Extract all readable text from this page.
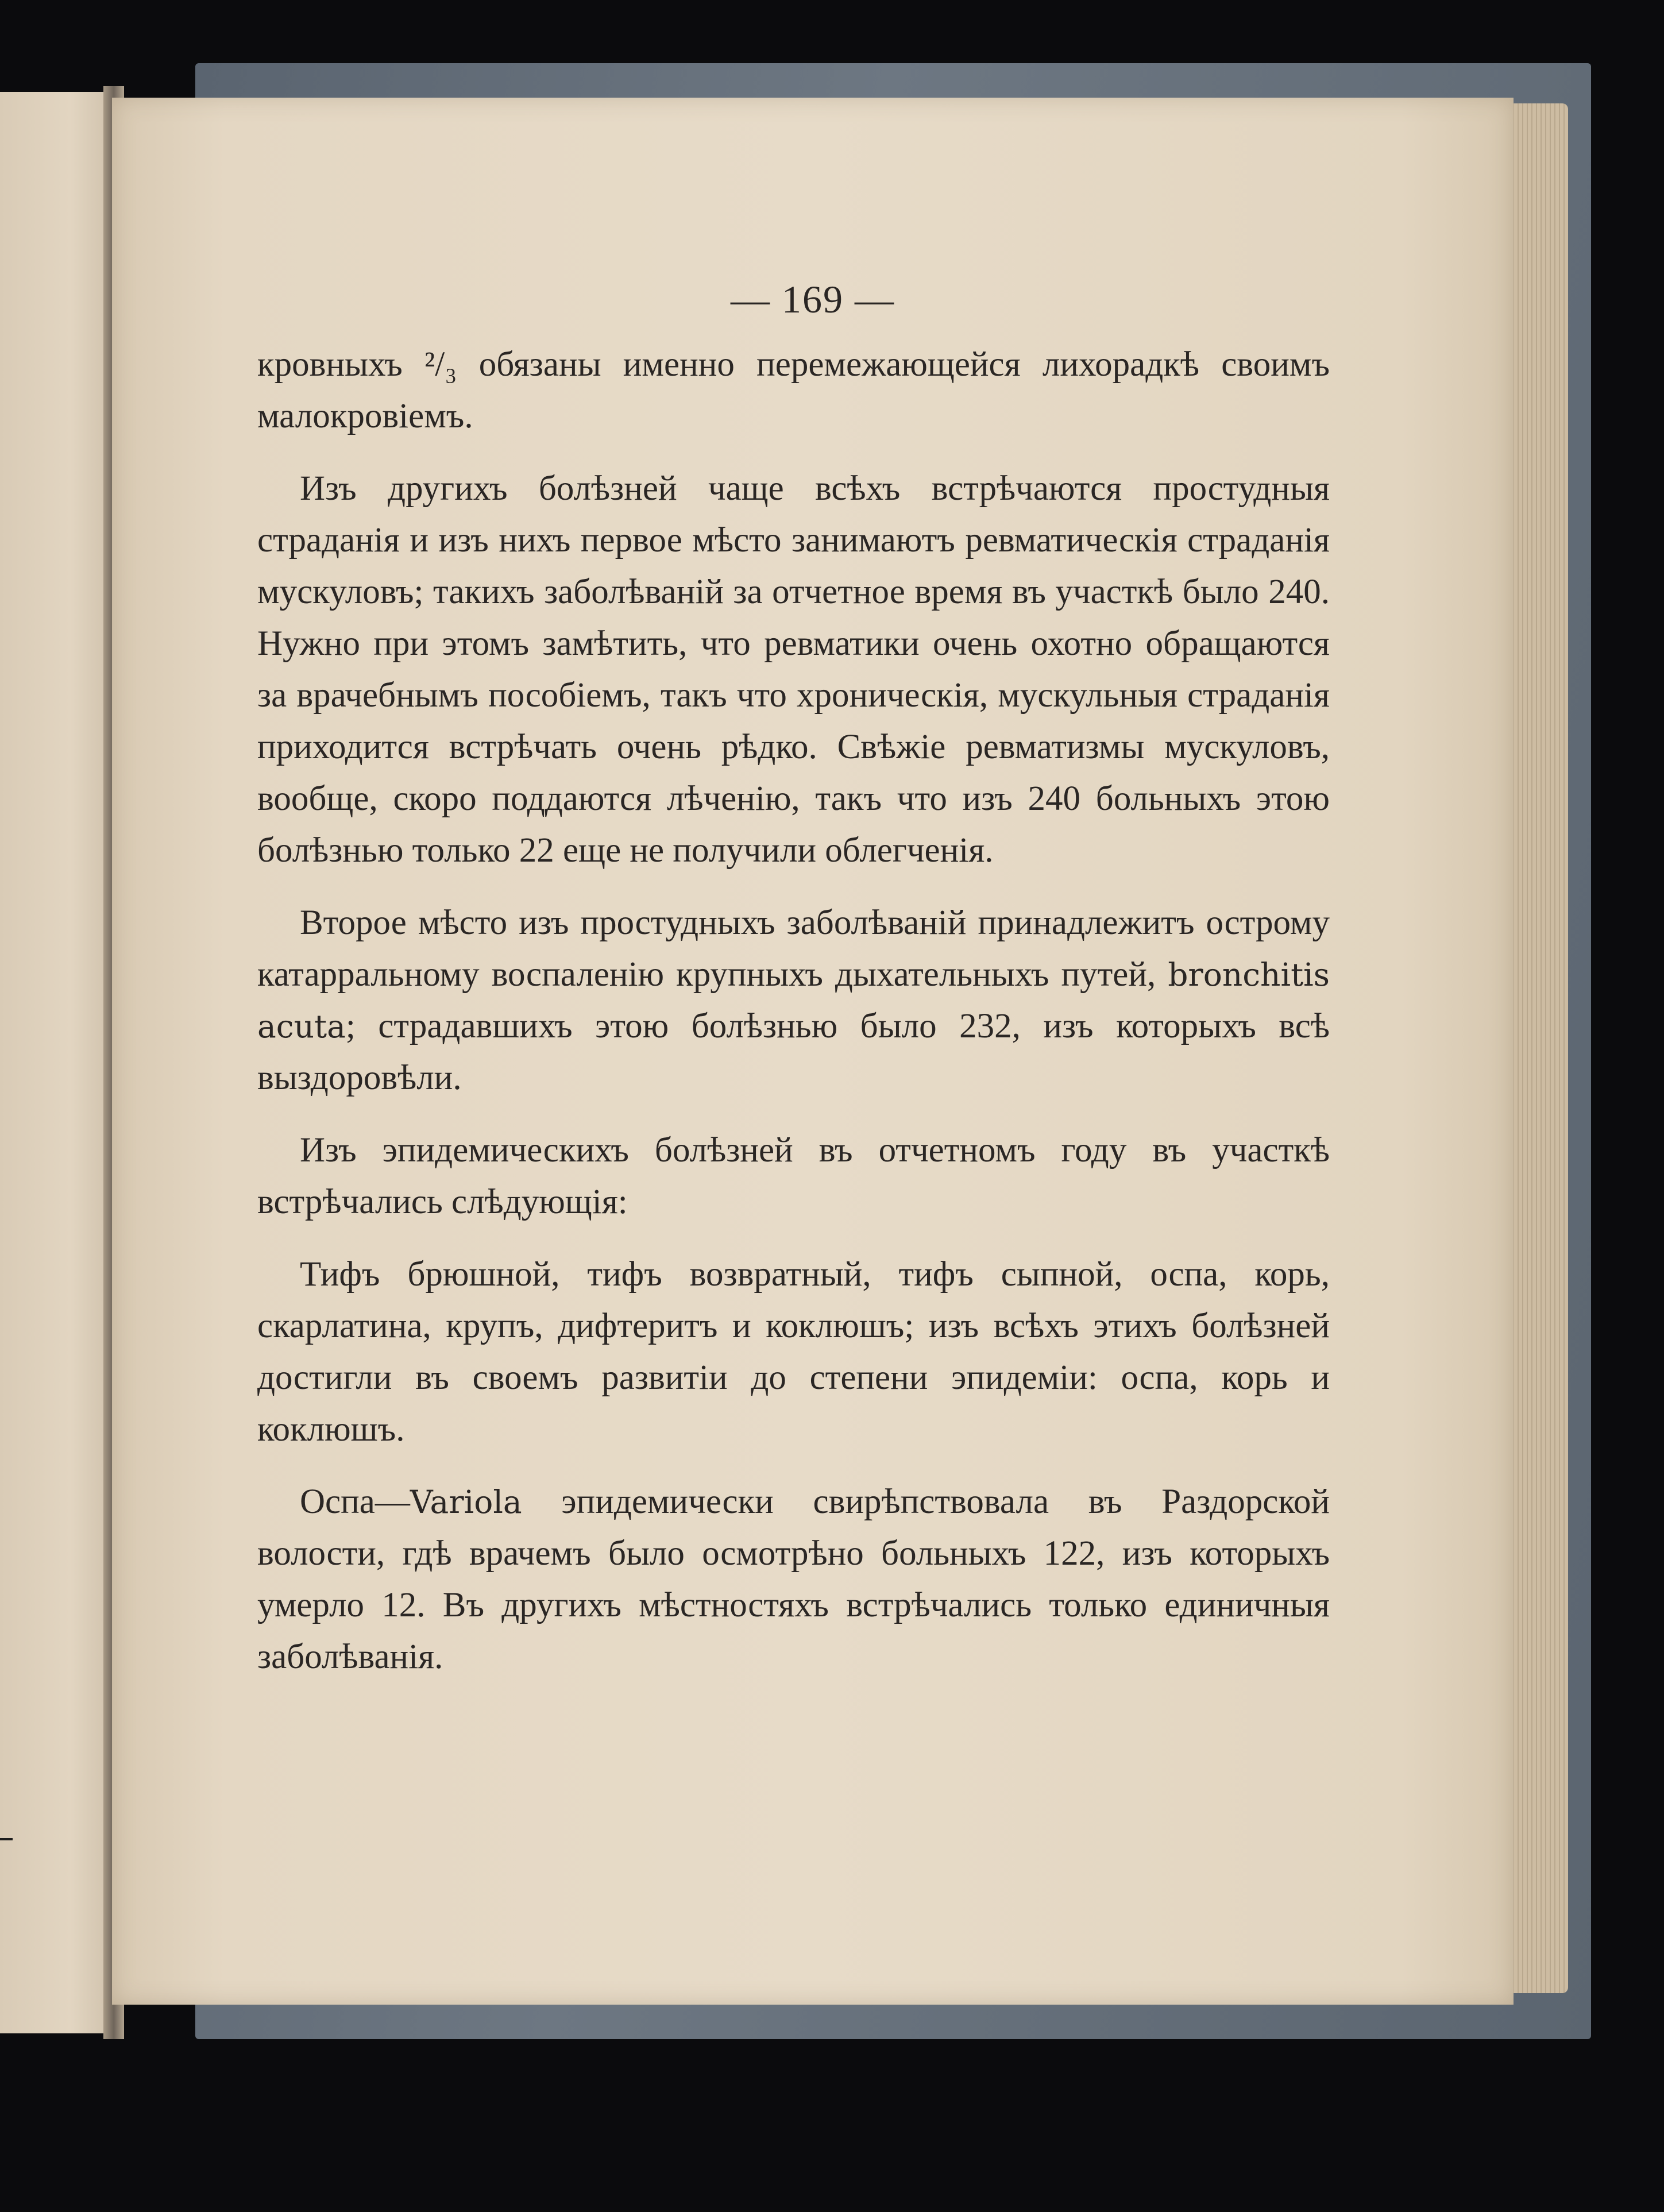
— 169 —

кровныхъ ²/₃ обязаны именно перемежающейся лихорадкѣ своимъ малокровіемъ.

Изъ другихъ болѣзней чаще всѣхъ встрѣчаются простудныя страданія и изъ нихъ первое мѣсто занимаютъ ревматическія страданія мускуловъ; такихъ заболѣваній за отчетное время въ участкѣ было 240. Нужно при этомъ замѣтить, что ревматики очень охотно обращаются за врачебнымъ пособіемъ, такъ что хроническія, мускульныя страданія приходится встрѣчать очень рѣдко. Свѣжіе ревматизмы мускуловъ, вообще, скоро поддаются лѣченію, такъ что изъ 240 больныхъ этою болѣзнью только 22 еще не получили облегченія.

Второе мѣсто изъ простудныхъ заболѣваній принадлежитъ острому катарральному воспаленію крупныхъ дыхательныхъ путей, bronchitis acuta; страдавшихъ этою болѣзнью было 232, изъ которыхъ всѣ выздоровѣли.

Изъ эпидемическихъ болѣзней въ отчетномъ году въ участкѣ встрѣчались слѣдующія:

Тифъ брюшной, тифъ возвратный, тифъ сыпной, оспа, корь, скарлатина, крупъ, дифтеритъ и коклюшъ; изъ всѣхъ этихъ болѣзней достигли въ своемъ развитіи до степени эпидеміи: оспа, корь и коклюшъ.

Оспа—Variola эпидемически свирѣпствовала въ Раздорской волости, гдѣ врачемъ было осмотрѣно больныхъ 122, изъ которыхъ умерло 12. Въ другихъ мѣстностяхъ встрѣчались только единичныя заболѣванія.
